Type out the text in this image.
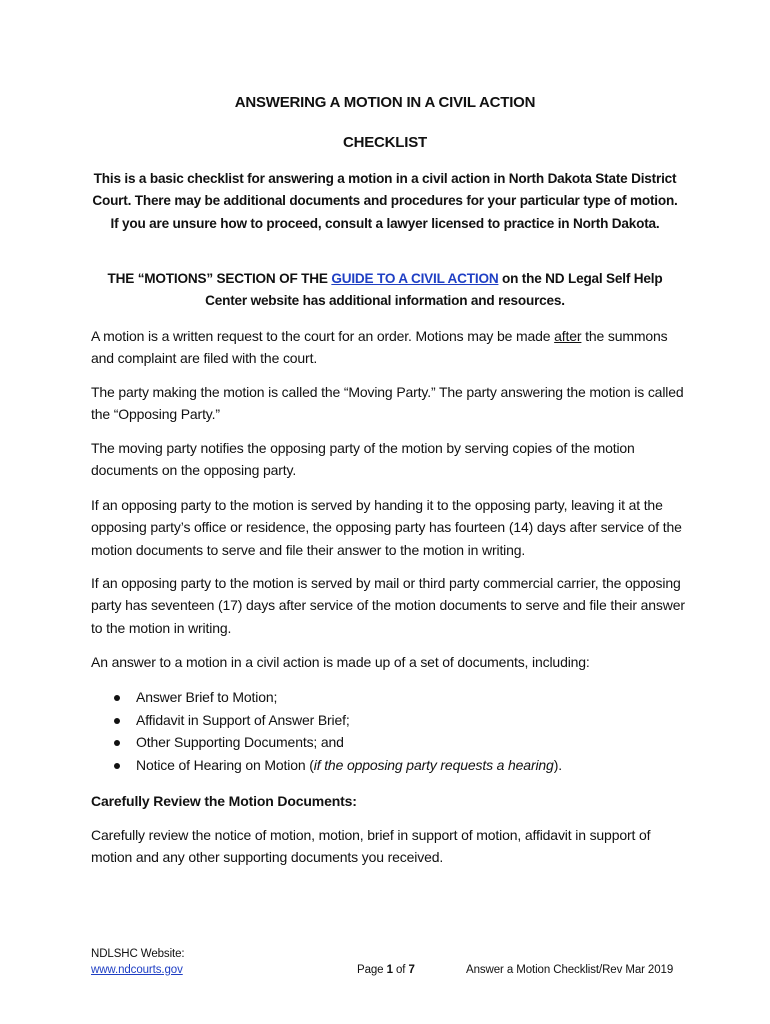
ANSWERING A MOTION IN A CIVIL ACTION
CHECKLIST
This is a basic checklist for answering a motion in a civil action in North Dakota State District Court. There may be additional documents and procedures for your particular type of motion. If you are unsure how to proceed, consult a lawyer licensed to practice in North Dakota.
THE “MOTIONS” SECTION OF THE GUIDE TO A CIVIL ACTION on the ND Legal Self Help Center website has additional information and resources.
A motion is a written request to the court for an order. Motions may be made after the summons and complaint are filed with the court.
The party making the motion is called the “Moving Party.” The party answering the motion is called the “Opposing Party.”
The moving party notifies the opposing party of the motion by serving copies of the motion documents on the opposing party.
If an opposing party to the motion is served by handing it to the opposing party, leaving it at the opposing party’s office or residence, the opposing party has fourteen (14) days after service of the motion documents to serve and file their answer to the motion in writing.
If an opposing party to the motion is served by mail or third party commercial carrier, the opposing party has seventeen (17) days after service of the motion documents to serve and file their answer to the motion in writing.
An answer to a motion in a civil action is made up of a set of documents, including:
Answer Brief to Motion;
Affidavit in Support of Answer Brief;
Other Supporting Documents; and
Notice of Hearing on Motion (if the opposing party requests a hearing).
Carefully Review the Motion Documents:
Carefully review the notice of motion, motion, brief in support of motion, affidavit in support of motion and any other supporting documents you received.
NDLSHC Website:
www.ndcourts.gov	Page 1 of 7	Answer a Motion Checklist/Rev Mar 2019
